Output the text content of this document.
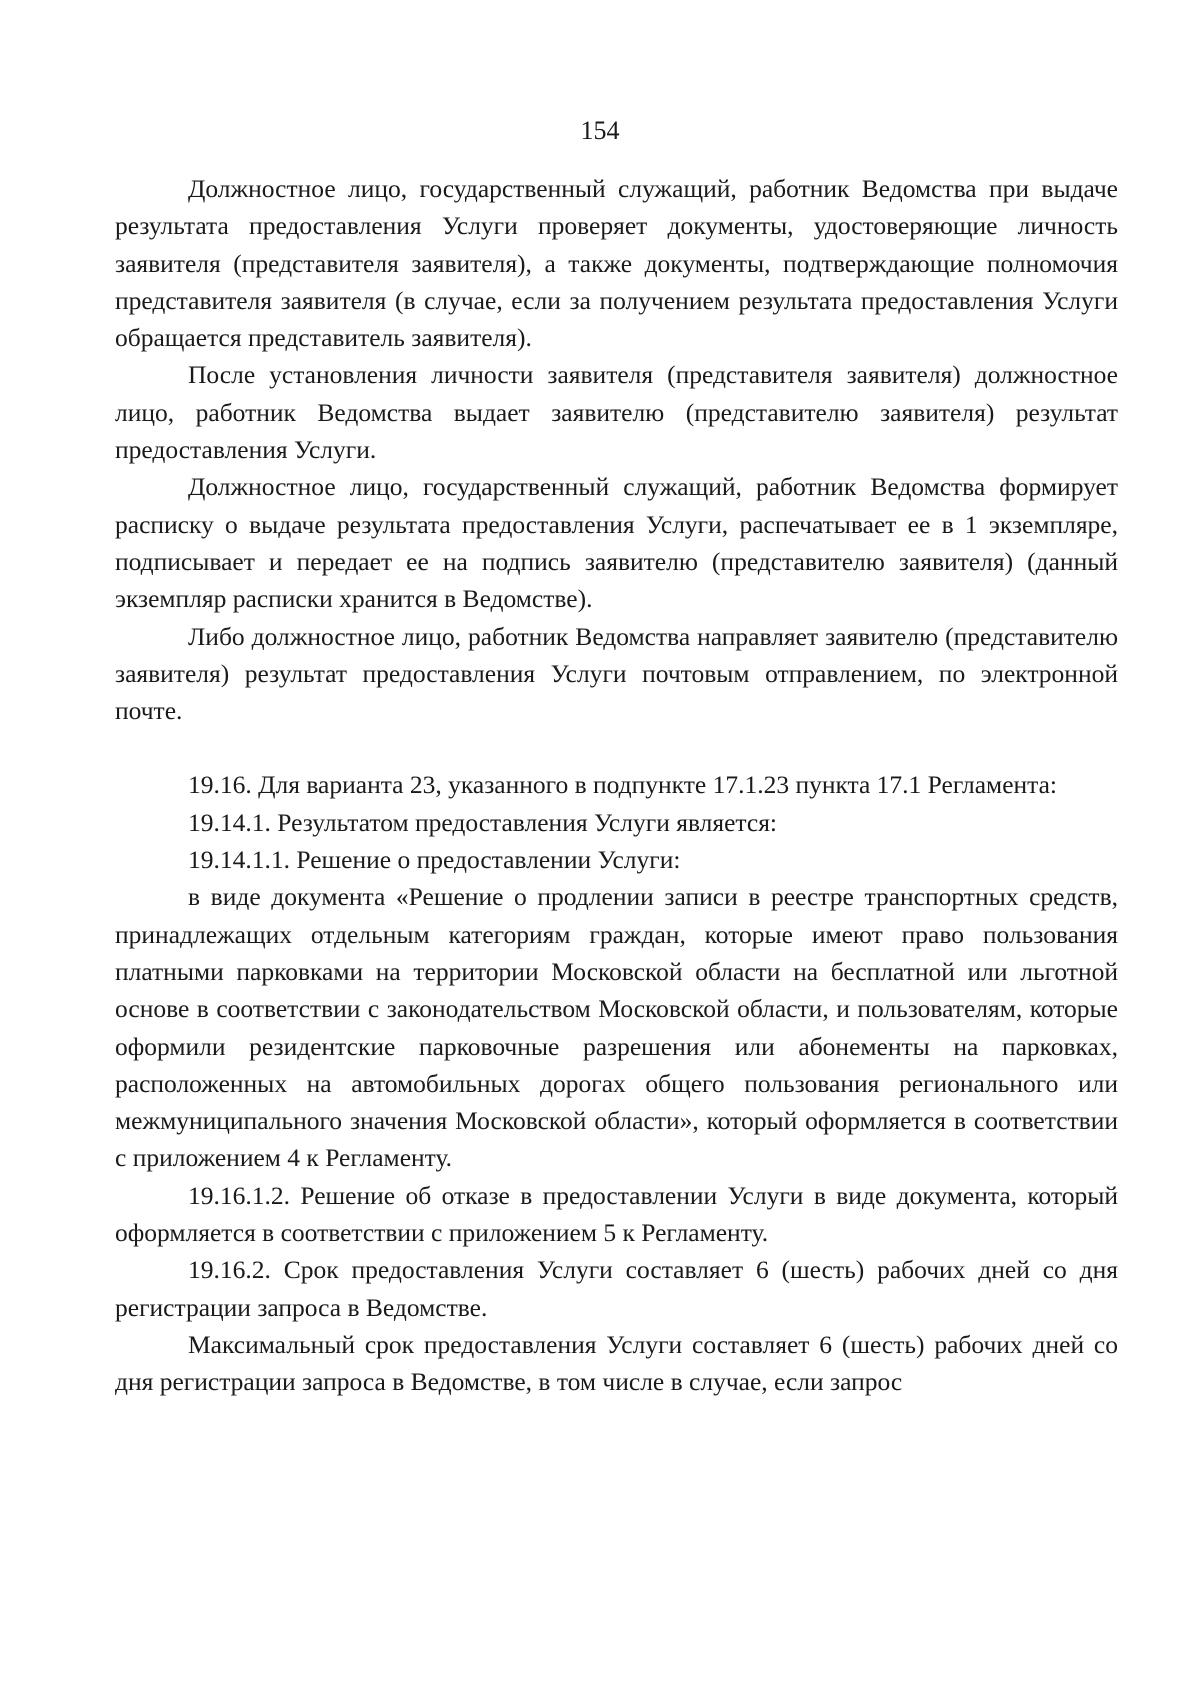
154

Должностное лицо, государственный служащий, работник Ведомства при выдаче результата предоставления Услуги проверяет документы, удостоверяющие личность заявителя (представителя заявителя), а также документы, подтверждающие полномочия представителя заявителя (в случае, если за получением результата предоставления Услуги обращается представитель заявителя).

После установления личности заявителя (представителя заявителя) должностное лицо, работник Ведомства выдает заявителю (представителю заявителя) результат предоставления Услуги.

Должностное лицо, государственный служащий, работник Ведомства формирует расписку о выдаче результата предоставления Услуги, распечатывает ее в 1 экземпляре, подписывает и передает ее на подпись заявителю (представителю заявителя) (данный экземпляр расписки хранится в Ведомстве).

Либо должностное лицо, работник Ведомства направляет заявителю (представителю заявителя) результат предоставления Услуги почтовым отправлением, по электронной почте.

19.16. Для варианта 23, указанного в подпункте 17.1.23 пункта 17.1 Регламента:

19.14.1. Результатом предоставления Услуги является:

19.14.1.1. Решение о предоставлении Услуги:

в виде документа «Решение о продлении записи в реестре транспортных средств, принадлежащих отдельным категориям граждан, которые имеют право пользования платными парковками на территории Московской области на бесплатной или льготной основе в соответствии с законодательством Московской области, и пользователям, которые оформили резидентские парковочные разрешения или абонементы на парковках, расположенных на автомобильных дорогах общего пользования регионального или межмуниципального значения Московской области», который оформляется в соответствии с приложением 4 к Регламенту.

19.16.1.2. Решение об отказе в предоставлении Услуги в виде документа, который оформляется в соответствии с приложением 5 к Регламенту.

19.16.2. Срок предоставления Услуги составляет 6 (шесть) рабочих дней со дня регистрации запроса в Ведомстве.

Максимальный срок предоставления Услуги составляет 6 (шесть) рабочих дней со дня регистрации запроса в Ведомстве, в том числе в случае, если запрос
